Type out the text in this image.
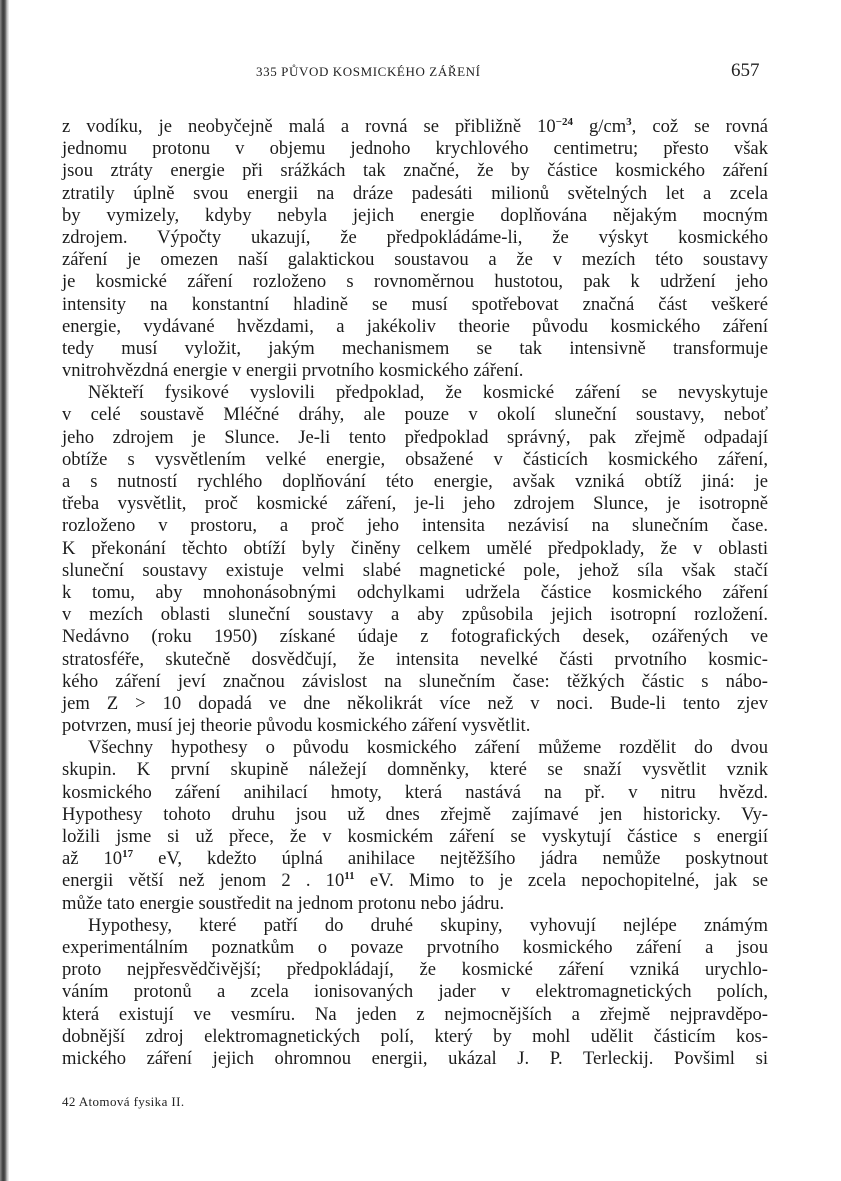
335 PŮVOD KOSMICKÉHO ZÁŘENÍ	657
z vodíku, je neobyčejně malá a rovná se přibližně $10^{-24}$ $g/cm^3$, což se rovná
jednomu protonu v objemu jednoho krychlového centimetru; přesto však
jsou ztráty energie při srážkách tak značné, že by částice kosmického záření
ztratily úplně svou energii na dráze padesáti milionů světelných let a zcela
by vymizely, kdyby nebyla jejich energie doplňována nějakým mocným
zdrojem. Výpočty ukazují, že předpokládáme-li, že výskyt kosmického
záření je omezen naší galaktickou soustavou a že v mezích této soustavy
je kosmické záření rozloženo s rovnoměrnou hustotou, pak k udržení jeho
intensity na konstantní hladině se musí spotřebovat značná část veškeré
energie, vydávané hvězdami, a jakékoliv theorie původu kosmického záření
tedy musí vyložit, jakým mechanismem se tak intensivně transformuje
vnitrohvězdná energie v energii prvotního kosmického záření.
Někteří fysikové vyslovili předpoklad, že kosmické záření se nevyskytuje
v celé soustavě Mléčné dráhy, ale pouze v okolí sluneční soustavy, neboť
jeho zdrojem je Slunce. Je-li tento předpoklad správný, pak zřejmě odpadají
obtíže s vysvětlením velké energie, obsažené v částicích kosmického záření,
a s nutností rychlého doplňování této energie, avšak vzniká obtíž jiná: je
třeba vysvětlit, proč kosmické záření, je-li jeho zdrojem Slunce, je isotropně
rozloženo v prostoru, a proč jeho intensita nezávisí na slunečním čase.
K překonání těchto obtíží byly činěny celkem umělé předpoklady, že v oblasti
sluneční soustavy existuje velmi slabé magnetické pole, jehož síla však stačí
k tomu, aby mnohonásobnými odchylkami udržela částice kosmického záření
v mezích oblasti sluneční soustavy a aby způsobila jejich isotropní rozložení.
Nedávno (roku 1950) získané údaje z fotografických desek, ozářených ve
stratosféře, skutečně dosvědčují, že intensita nevelké části prvotního kosmic-
kého záření jeví značnou závislost na slunečním čase: těžkých částic s nábo-
jem Z > 10 dopadá ve dne několikrát více než v noci. Bude-li tento zjev
potvrzen, musí jej theorie původu kosmického záření vysvětlit.
Všechny hypothesy o původu kosmického záření můžeme rozdělit do dvou
skupin. K první skupině náležejí domněnky, které se snaží vysvětlit vznik
kosmického záření anihilací hmoty, která nastává na př. v nitru hvězd.
Hypothesy tohoto druhu jsou už dnes zřejmě zajímavé jen historicky. Vy-
ložili jsme si už přece, že v kosmickém záření se vyskytují částice s energií
až $10^{17}$ eV, kdežto úplná anihilace nejtěžšího jádra nemůže poskytnout
energii větší než jenom 2 . $10^{11}$ eV. Mimo to je zcela nepochopitelné, jak se
může tato energie soustředit na jednom protonu nebo jádru.
Hypothesy, které patří do druhé skupiny, vyhovují nejlépe známým
experimentálním poznatkům o povaze prvotního kosmického záření a jsou
proto nejpřesvědčivější; předpokládají, že kosmické záření vzniká urychlo-
váním protonů a zcela ionisovaných jader v elektromagnetických polích,
která existují ve vesmíru. Na jeden z nejmocnějších a zřejmě nejpravděpo-
dobnější zdroj elektromagnetických polí, který by mohl udělit částicím kos-
mického záření jejich ohromnou energii, ukázal J. P. Terleckij. Povšiml si
42 Atomová fysika II.
